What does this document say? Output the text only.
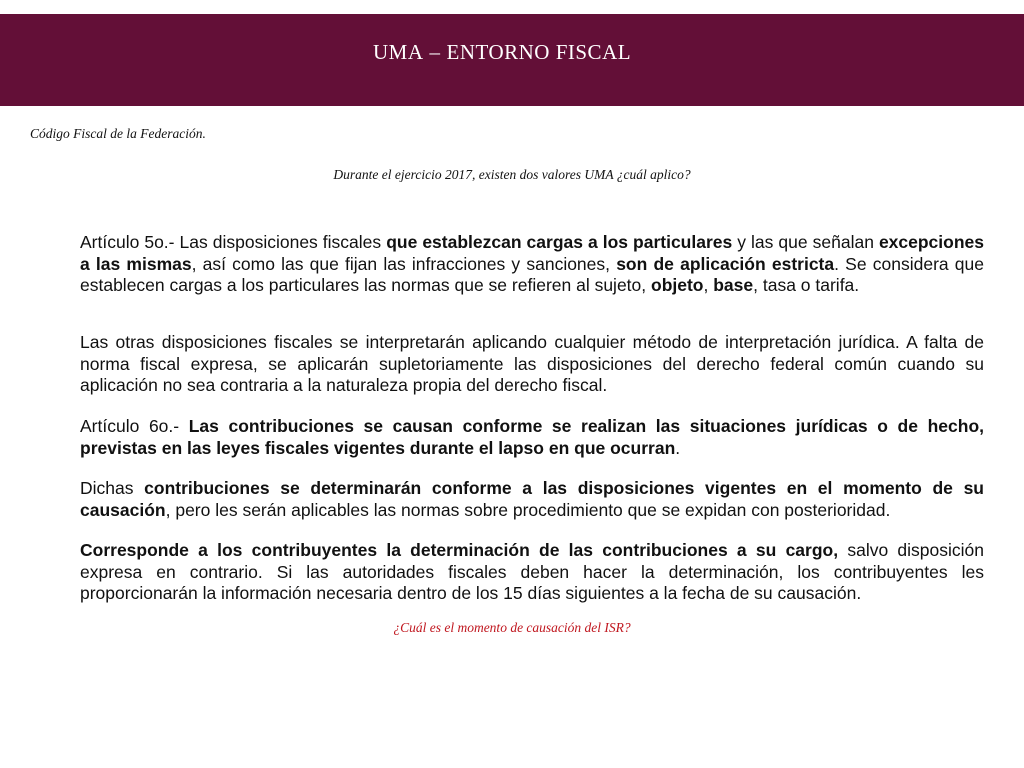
UMA – ENTORNO FISCAL
Código Fiscal de la Federación.
Durante el ejercicio 2017, existen dos valores UMA ¿cuál aplico?

Artículo 5o.- Las disposiciones fiscales que establezcan cargas a los particulares y las que señalan excepciones a las mismas, así como las que fijan las infracciones y sanciones, son de aplicación estricta. Se considera que establecen cargas a los particulares las normas que se refieren al sujeto, objeto, base, tasa o tarifa.

Las otras disposiciones fiscales se interpretarán aplicando cualquier método de interpretación jurídica. A falta de norma fiscal expresa, se aplicarán supletoriamente las disposiciones del derecho federal común cuando su aplicación no sea contraria a la naturaleza propia del derecho fiscal.

Artículo 6o.- Las contribuciones se causan conforme se realizan las situaciones jurídicas o de hecho, previstas en las leyes fiscales vigentes durante el lapso en que ocurran.

Dichas contribuciones se determinarán conforme a las disposiciones vigentes en el momento de su causación, pero les serán aplicables las normas sobre procedimiento que se expidan con posterioridad.

Corresponde a los contribuyentes la determinación de las contribuciones a su cargo, salvo disposición expresa en contrario. Si las autoridades fiscales deben hacer la determinación, los contribuyentes les proporcionarán la información necesaria dentro de los 15 días siguientes a la fecha de su causación.

¿Cuál es el momento de causación del ISR?
